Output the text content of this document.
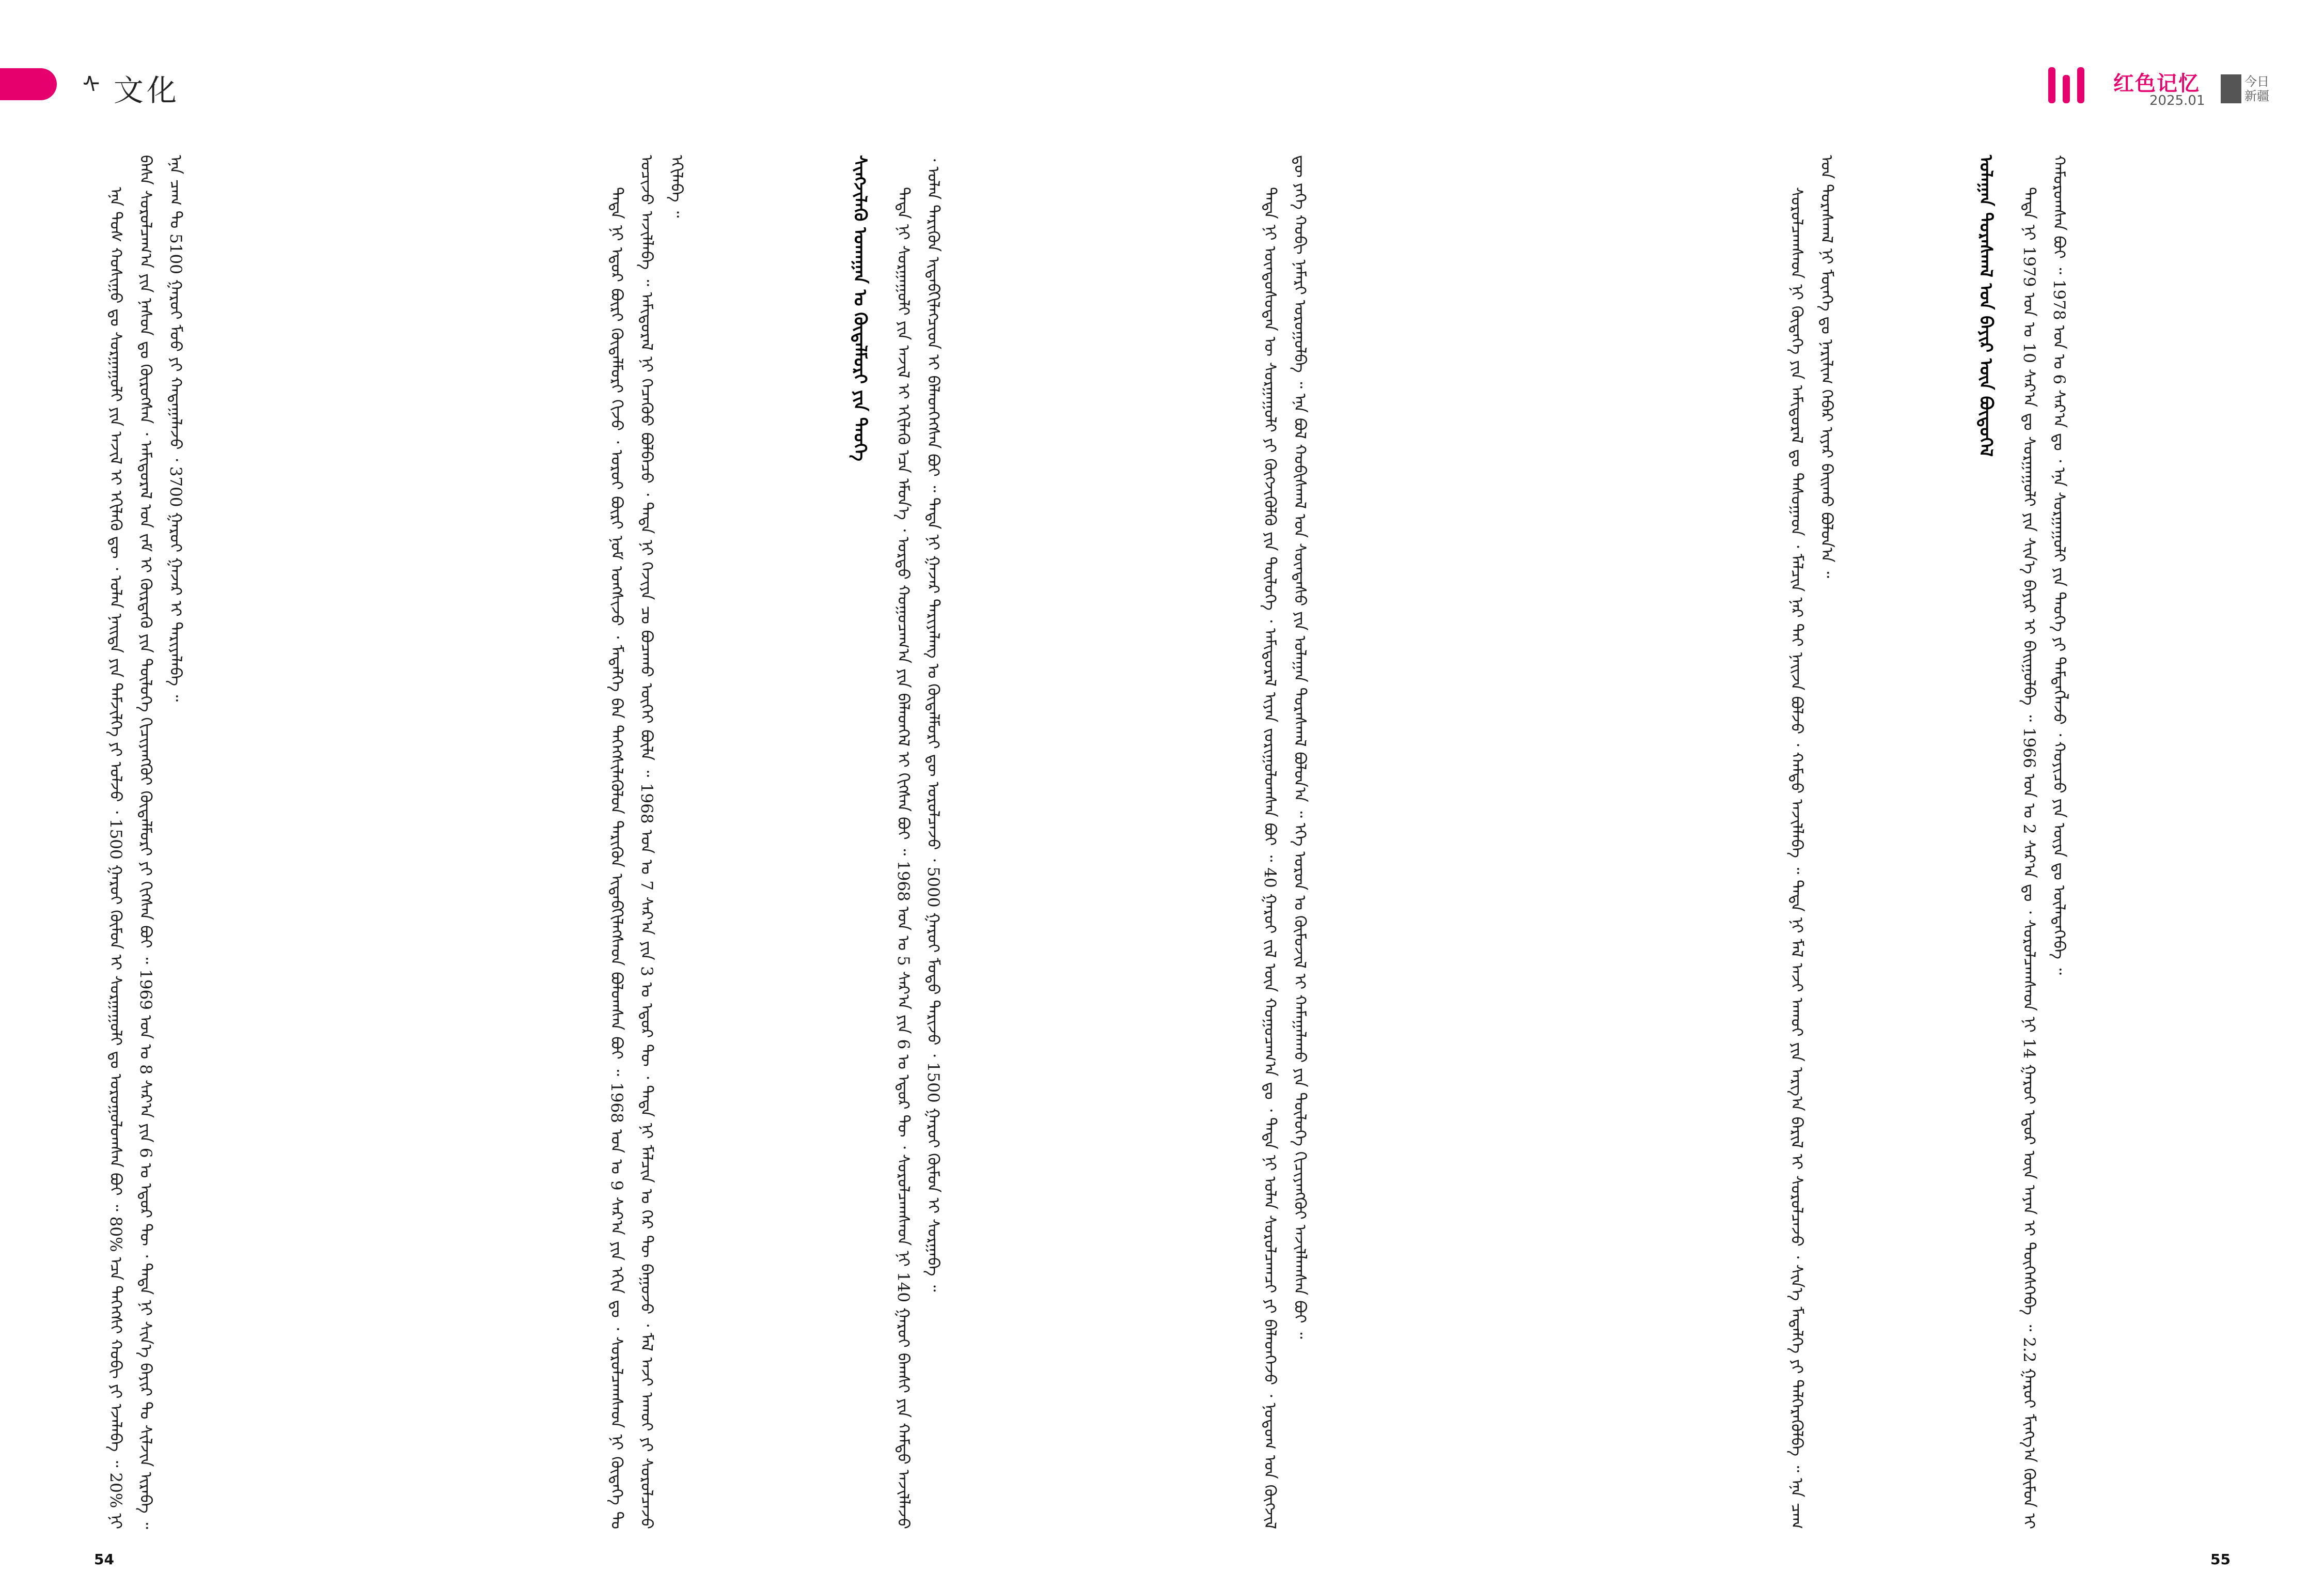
ᠰ 文化

ᠡᠨᠡ ᠲᠤᠰ ᠬᠤᠰᠢᠭᠤ ᠳᠤ ᠰᠤᠷᠭᠠᠭᠤᠯᠢ ᠶᠢᠨ ᠠᠵᠢᠯ ᠢ ᠡᠬᠢᠯᠡᠬᠦ ᠳᠦ ᠂ ᠣᠯᠠᠨ ᠨᠡᠢᠲᠡ ᠶᠢᠨ ᠳᠡᠮᠵᠢᠯᠭᠡ ᠶᠢ ᠣᠯᠵᠤ ᠂ 1500 ᠭᠠᠷᠤᠢ ᠬᠦᠮᠦᠨ ᠢ ᠰᠤᠷᠭᠠᠭᠤᠯᠢ ᠳᠤ ᠣᠷᠤᠭᠤᠯᠤᠭᠰᠠᠨ ᠪᠤᠢ ᠃ 80% ᠡᠴᠡ ᠳᠡᠭᠡᠭᠰᠢ ᠬᠤᠪᠢ ᠶᠢ ᠡᠵᠡᠯᠡᠪᠡ ᠃ 20% ᠨᠢ ᠪᠠᠰᠠ ᠰᠤᠷᠤᠯᠴᠠᠭ᠎ᠠ ᠶᠢᠨ ᠨᠠᠰᠤᠨ ᠳᠤ ᠬᠦᠷᠦᠭᠰᠡᠨ ᠂ ᠠᠮᠢᠳᠤᠷᠠᠯ ᠤᠨ ᠵᠠᠮ ᠢ ᠬᠦᠷᠲᠡᠬᠦ ᠶᠢᠨ ᠲᠥᠯᠦᠭᠡ ᠬᠢᠴᠢᠶᠡᠩᠭᠦᠢ ᠬᠥᠳᠡᠯᠮᠦᠷᠢ ᠶᠢ ᠬᠢᠭᠰᠡᠨ ᠪᠤᠢ ᠃ 1969 ᠤᠨ ᠤ 8 ᠰᠠᠷ᠎ᠠ ᠶᠢᠨ 6 ᠤ ᠡᠳᠦᠷ ᠲᠦ ᠂ ᠲᠡᠳᠡ ᠨᠢ ᠰᠢᠨ᠎ᠡ ᠪᠠᠶᠢᠷ ᠲᠤ ᠰᠢᠯᠵᠢᠨ ᠢᠷᠡᠪᠡ ᠃ ᠡᠨᠡ ᠴᠠᠭ ᠲᠤ 5100 ᠭᠠᠷᠤᠢ ᠮᠤᠤ ᠶᠢ ᠬᠠᠳᠠᠭᠠᠯᠠᠵᠤ ᠂ 3700 ᠭᠠᠷᠤᠢ ᠭᠠᠵᠠᠷ ᠢ ᠲᠠᠷᠢᠶᠠᠯᠠᠪᠠ ᠃	ᠲᠡᠳᠡ ᠨᠢ ᠡᠳᠦᠷ ᠪᠦᠷᠢ ᠬᠥᠳᠡᠯᠮᠦᠷᠢ ᠬᠢᠵᠦ ᠂ ᠣᠷᠣᠢ ᠪᠦᠷᠢ ᠨᠣᠮ ᠤᠩᠰᠢᠵᠤ ᠂ ᠮᠡᠳᠡᠯᠭᠡ ᠪᠡᠨ ᠳᠡᠭᠡᠭᠰᠢᠯᠡᠭᠦᠯᠦᠨ ᠲᠡᠷᠢᠭᠦᠨ ᠢᠳᠡᠪᠬᠢᠯᠡᠭᠰᠡᠳ ᠪᠤᠯᠤᠭᠰᠠᠨ ᠪᠤᠢ ᠃ 1968 ᠤᠨ ᠤ 9 ᠰᠠᠷ᠎ᠠ ᠶᠢᠨ ᠡᠬᠢᠨ ᠳᠤ ᠂ ᠰᠤᠷᠤᠯᠴᠠᠭᠰᠠᠳ ᠨᠢ ᠬᠦᠳᠡᠭᠡ ᠲᠤ ᠣᠴᠢᠵᠤ ᠠᠵᠢᠯᠯᠠᠪᠠ ᠃ ᠠᠮᠢᠳᠤᠷᠠᠯ ᠨᠢ ᠬᠡᠴᠡᠭᠦᠦ ᠪᠣᠯᠪᠠᠴᠤ ᠂ ᠲᠡᠳᠡ ᠨᠢ ᠬᠡᠵᠢᠶᠡ ᠴᠤ ᠪᠤᠴᠠᠬᠤ ᠦᠭᠡᠢ ᠪᠦᠯᠡ ᠃ 1968 ᠤᠨ ᠤ 7 ᠰᠠᠷ᠎ᠠ ᠶᠢᠨ 3 ᠤ ᠡᠳᠦᠷ ᠲᠦ ᠂ ᠲᠡᠳᠡ ᠨᠢ ᠮᠠᠯᠴᠢᠨ ᠤ ᠭᠡᠷ ᠲᠦ ᠪᠠᠭᠤᠵᠤ ᠂ ᠮᠠᠯ ᠠᠵᠢ ᠠᠬᠤᠢ ᠶᠢ ᠰᠤᠷᠤᠯᠴᠠᠵᠤ ᠡᠬᠢᠯᠡᠪᠡ ᠃	ᠰᠢᠩᠵᠢᠯᠡᠬᠦ ᠤᠬᠠᠭᠠᠨ ᠤ ᠬᠥᠳᠡᠯᠮᠦᠷᠢ ᠶᠢᠨ ᠲᠡᠦᠬᠡ	ᠲᠡᠳᠡ ᠨᠢ ᠰᠤᠷᠭᠠᠭᠤᠯᠢ ᠶᠢᠨ ᠠᠵᠢᠯ ᠢ ᠡᠬᠢᠯᠡᠬᠦ ᠡᠴᠡ ᠡᠮᠦᠨ᠎ᠡ ᠂ ᠤᠷᠲᠤ ᠬᠤᠭᠤᠴᠠᠭ᠎ᠠ ᠶᠢᠨ ᠪᠡᠯᠡᠳᠬᠡᠯ ᠢ ᠬᠢᠭᠰᠡᠨ ᠪᠤᠢ ᠃ 1968 ᠤᠨ ᠤ 5 ᠰᠠᠷ᠎ᠠ ᠶᠢᠨ 6 ᠤ ᠡᠳᠦᠷ ᠲᠦ ᠂ ᠰᠤᠷᠤᠯᠴᠠᠭᠰᠠᠳ ᠨᠢ 140 ᠭᠠᠷᠤᠢ ᠪᠠᠭᠰᠢ ᠶᠢᠨ ᠬᠠᠮᠲᠤ ᠠᠵᠢᠯᠯᠠᠵᠤ ᠂ ᠣᠯᠠᠨ ᠲᠡᠷᠢᠭᠦᠨ ᠢᠳᠡᠪᠬᠢᠯᠡᠭᠴᠢᠳ ᠢ ᠪᠡᠯᠡᠳᠬᠡᠭᠰᠡᠨ ᠪᠤᠢ ᠃ ᠲᠡᠳᠡ ᠨᠢ ᠭᠠᠵᠠᠷ ᠲᠠᠷᠢᠶᠠᠯᠠᠩ ᠤ ᠬᠥᠳᠡᠯᠮᠦᠷᠢ ᠳᠦ ᠣᠷᠤᠯᠴᠠᠵᠤ ᠂ 5000 ᠭᠠᠷᠤᠢ ᠮᠣᠳᠤ ᠲᠠᠷᠢᠵᠤ ᠂ 1500 ᠭᠠᠷᠤᠢ ᠬᠦᠮᠦᠨ ᠢ ᠰᠤᠷᠭᠠᠪᠠ ᠃

54
红色记忆
2025.01
今日
新疆

ᠲᠡᠳᠡ ᠨᠢ ᠦᠨᠳᠦᠰᠦᠲᠡᠨ ᠦ ᠰᠤᠷᠭᠠᠭᠤᠯᠢ ᠶᠢ ᠬᠥᠭᠵᠢᠭᠦᠯᠬᠦ ᠶᠢᠨ ᠲᠥᠯᠦᠭᠡ ᠂ ᠠᠮᠢᠳᠤᠷᠠᠯ ᠢᠶᠡᠨ ᠵᠣᠷᠢᠭᠤᠯᠤᠭᠰᠠᠨ ᠪᠤᠢ ᠃ 40 ᠭᠠᠷᠤᠢ ᠵᠢᠯ ᠦᠨ ᠬᠤᠭᠤᠴᠠᠭ᠎ᠠ ᠳᠤ ᠂ ᠲᠡᠳᠡ ᠨᠢ ᠣᠯᠠᠨ ᠰᠤᠷᠤᠯᠴᠠᠭᠴᠢ ᠶᠢ ᠪᠡᠯᠡᠳᠬᠡᠵᠦ ᠂ ᠨᠤᠲᠤᠭ ᠤᠨ ᠬᠥᠭᠵᠢᠯ ᠳᠦ ᠶᠡᠬᠡ ᠬᠤᠪᠢ ᠨᠡᠮᠡᠷᠢ ᠣᠷᠤᠭᠤᠯᠪᠠ ᠃ ᠡᠨᠡ ᠪᠤᠯ ᠬᠤᠪᠢᠰᠬᠠᠯ ᠤᠨ ᠰᠦᠨᠳᠡᠰᠦ ᠶᠢᠨ ᠤᠯᠠᠭᠠᠨ ᠳᠤᠷᠠᠰᠬᠠᠯ ᠪᠤᠯᠤᠨ᠎ᠠ ᠃ ᠡᠬᠡ ᠣᠷᠣᠨ ᠤ ᠬᠦᠮᠦᠵᠢᠯ ᠢ ᠬᠠᠮᠠᠭᠠᠯᠠᠬᠤ ᠶᠢᠨ ᠲᠥᠯᠦᠭᠡ ᠬᠢᠴᠢᠶᠡᠩᠭᠦᠢ ᠠᠵᠢᠯᠯᠠᠭᠰᠠᠨ ᠪᠤᠢ ᠃	ᠰᠤᠷᠤᠯᠴᠠᠭᠰᠠᠳ ᠨᠢ ᠬᠦᠳᠡᠭᠡ ᠶᠢᠨ ᠠᠮᠢᠳᠤᠷᠠᠯ ᠳᠤ ᠳᠠᠰᠤᠭᠠᠳ ᠂ ᠮᠠᠯᠴᠢᠨ ᠨᠠᠷ ᠲᠠᠢ ᠨᠠᠢᠵᠠ ᠪᠣᠯᠵᠤ ᠂ ᠬᠠᠮᠲᠤ ᠠᠵᠢᠯᠯᠠᠪᠠ ᠃ ᠲᠡᠳᠡ ᠨᠢ ᠮᠠᠯ ᠠᠵᠢ ᠠᠬᠤᠢ ᠶᠢᠨ ᠠᠷᠭ᠎ᠠ ᠪᠠᠷᠢᠯ ᠢ ᠰᠤᠷᠤᠯᠴᠠᠵᠤ ᠂ ᠰᠢᠨ᠎ᠡ ᠮᠡᠳᠡᠯᠭᠡ ᠶᠢ ᠳᠡᠯᠭᠡᠷᠡᠭᠦᠯᠪᠡ ᠃ ᠡᠨᠡ ᠴᠠᠭ ᠤᠨ ᠳᠤᠷᠠᠰᠬᠠᠯ ᠨᠢ ᠮᠥᠨᠬᠡ ᠳᠤ ᠨᠠᠷᠢᠯᠢᠭ ᠬᠡᠪᠡᠷ ᠢᠶᠡᠷ ᠪᠠᠢᠬᠤ ᠪᠤᠯᠤᠨ᠎ᠠ ᠃	ᠤᠯᠠᠭᠠᠨ ᠳᠤᠷᠠᠰᠬᠠᠯ ᠤᠨ ᠪᠠᠶᠢᠷ ᠦᠨ ᠪᠦᠲᠦᠭᠡᠯ	ᠲᠡᠳᠡ ᠨᠢ 1979 ᠤᠨ ᠤ 10 ᠰᠠᠷ᠎ᠠ ᠳᠤ ᠰᠤᠷᠭᠠᠭᠤᠯᠢ ᠶᠢᠨ ᠰᠢᠨ᠎ᠡ ᠪᠠᠶᠢᠷ ᠢ ᠪᠠᠢᠭᠤᠯᠪᠠ ᠃ 1966 ᠤᠨ ᠤ 2 ᠰᠠᠷ᠎ᠠ ᠳᠤ ᠂ ᠰᠤᠷᠤᠯᠴᠠᠭᠰᠠᠳ ᠨᠢ 14 ᠭᠠᠷᠤᠢ ᠡᠳᠦᠷ ᠦᠨ ᠠᠶᠠᠨ ᠢ ᠲᠥᠭᠡᠰᠬᠡᠪᠡ ᠃ 2.2 ᠭᠠᠷᠤᠢ ᠮᠢᠩᠭ᠎ᠠ ᠬᠦᠮᠦᠨ ᠢ ᠬᠠᠮᠤᠷᠤᠭᠰᠠᠨ ᠪᠤᠢ ᠃ 1978 ᠤᠨ ᠤ 6 ᠰᠠᠷ᠎ᠠ ᠳᠤ ᠂ ᠡᠨᠡ ᠰᠤᠷᠭᠠᠭᠤᠯᠢ ᠶᠢᠨ ᠲᠡᠦᠬᠡ ᠶᠢ ᠲᠡᠮᠳᠡᠭᠯᠡᠵᠦ ᠂ ᠬᠣᠶᠢᠴᠤ ᠶᠢᠨ ᠦᠶᠡ ᠳᠤ ᠦᠯᠡᠳᠡᠭᠡᠪᠡ ᠃

55
